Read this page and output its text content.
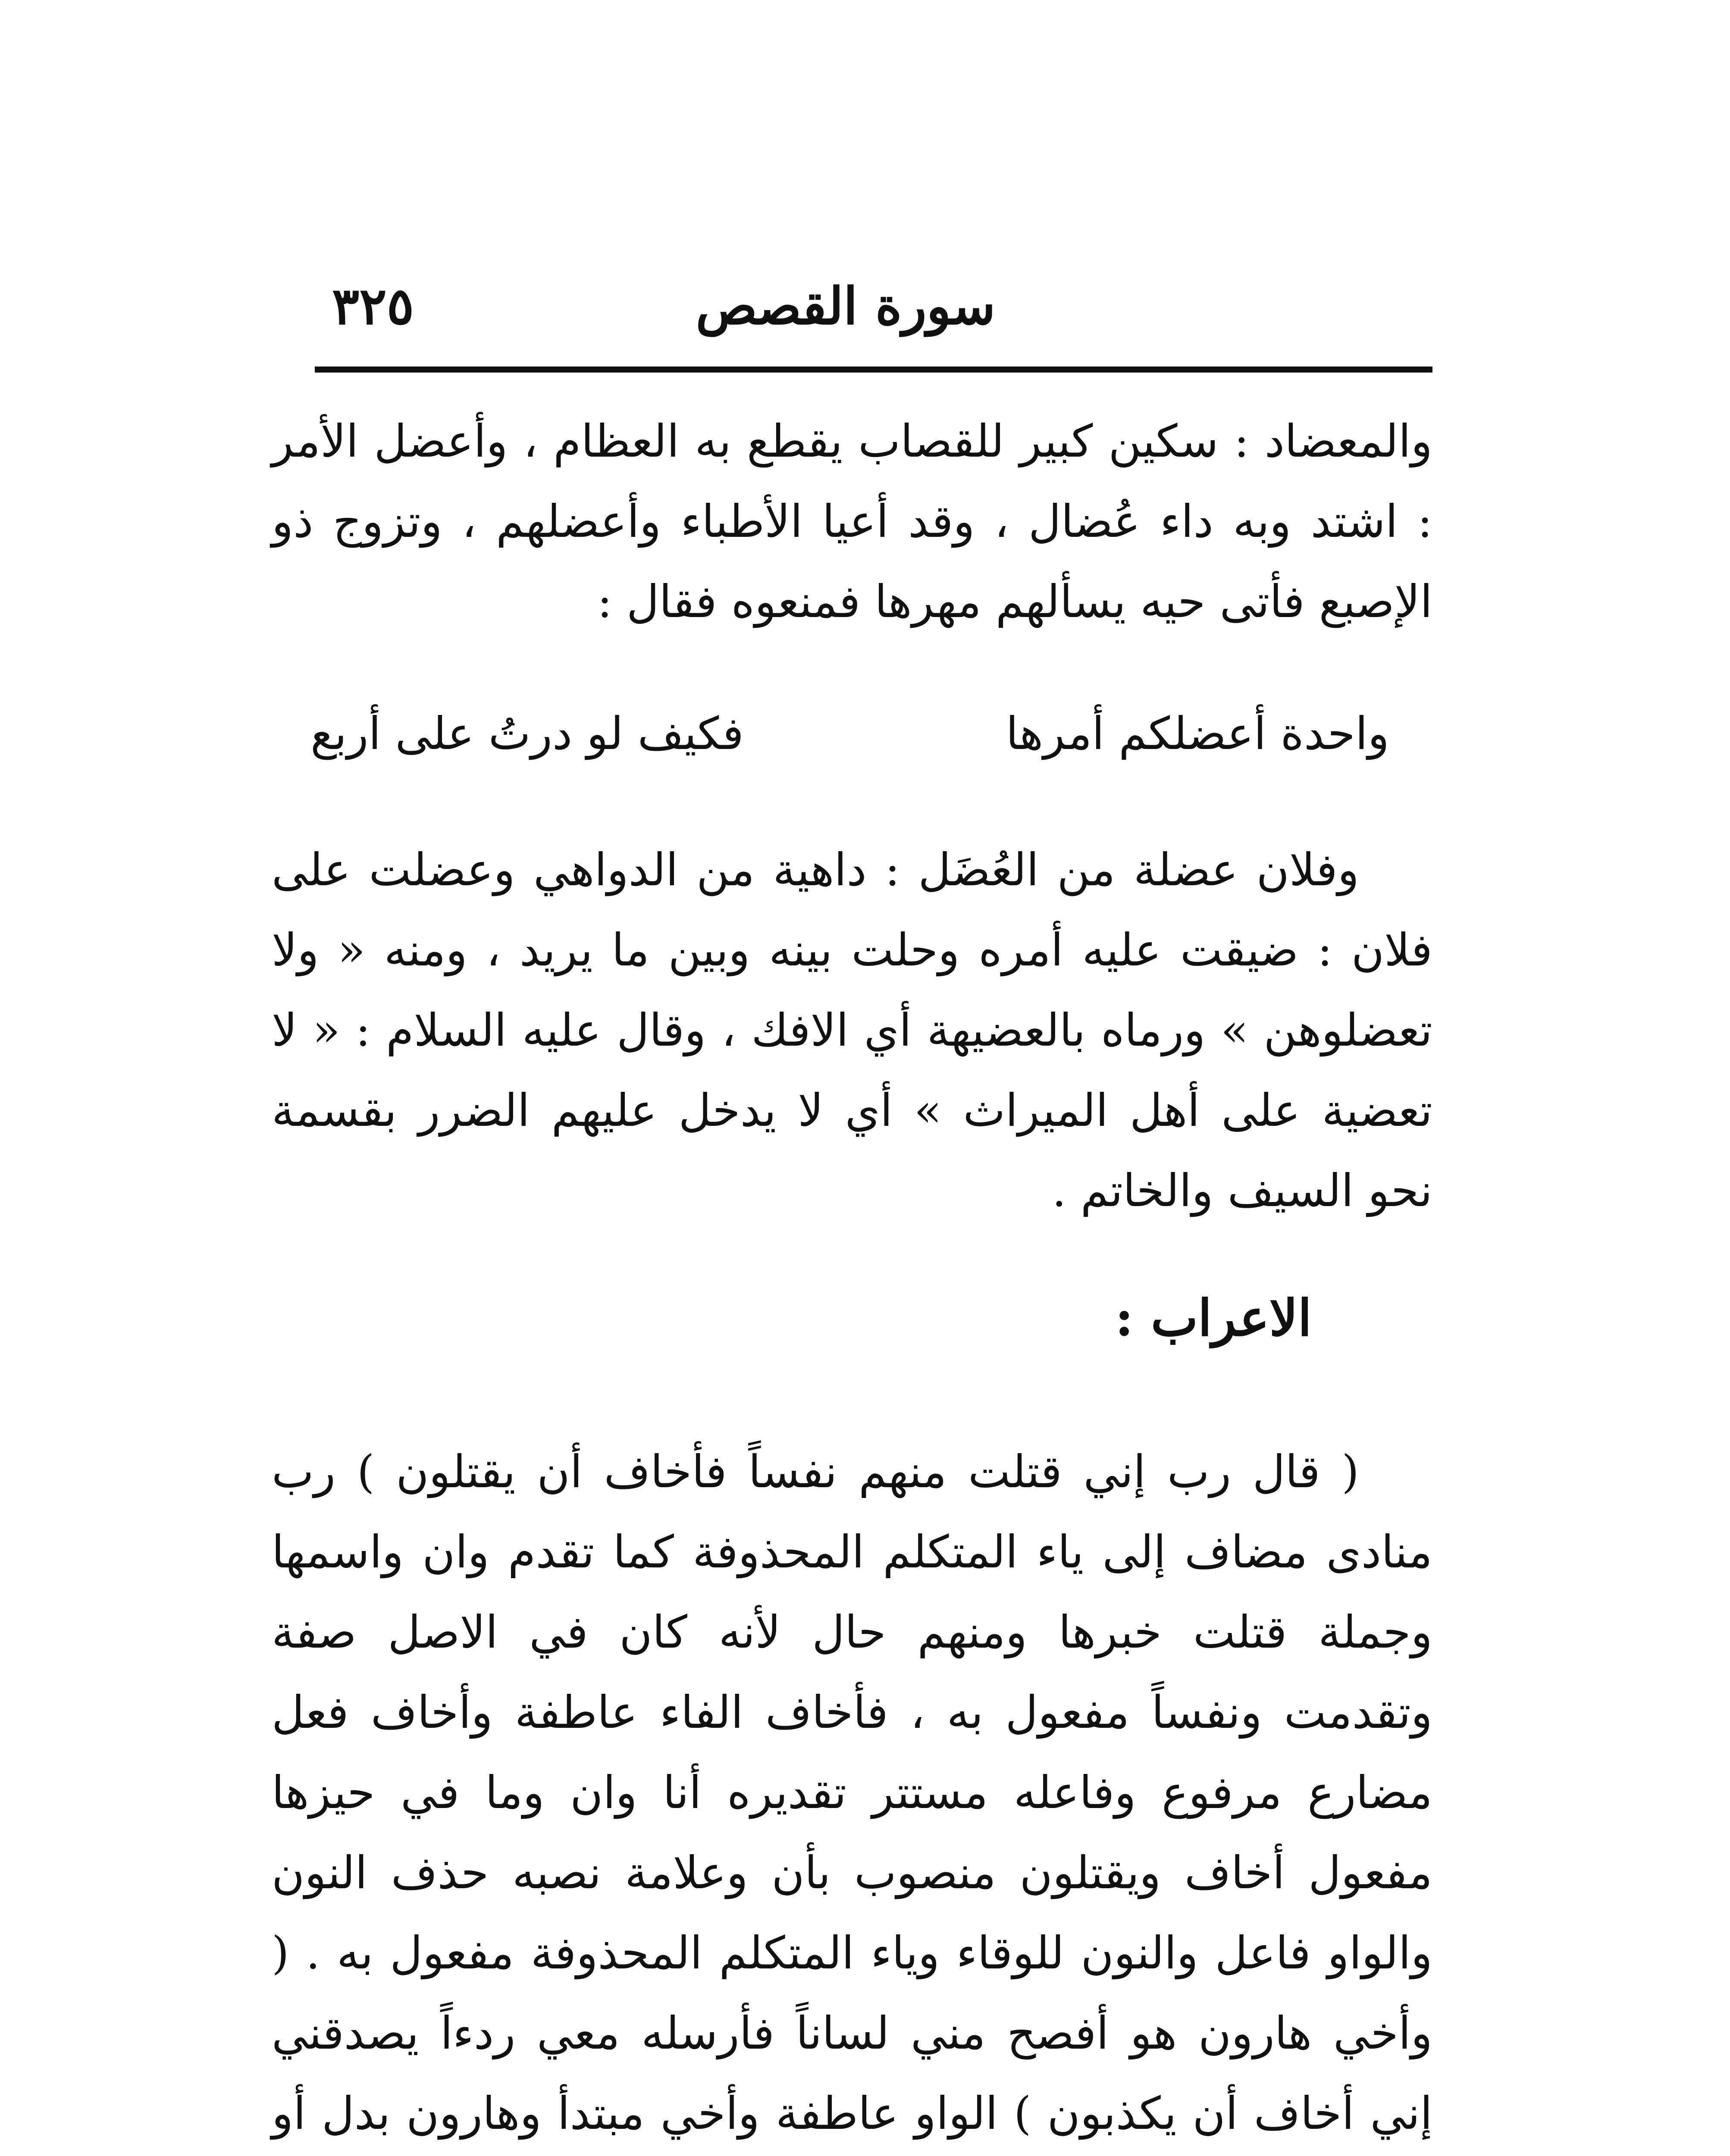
سورة القصص
٣٢٥

والمعضاد : سكين كبير للقصاب يقطع به العظام ، وأعضل الأمر : اشتد وبه داء عُضال ، وقد أعيا الأطباء وأعضلهم ، وتزوج ذو الإصبع فأتى حيه يسألهم مهرها فمنعوه فقال :

واحدة أعضلكم أمرها
فكيف لو درتُ على أربع

وفلان عضلة من العُضَل : داهية من الدواهي وعضلت على فلان : ضيقت عليه أمره وحلت بينه وبين ما يريد ، ومنه « ولا تعضلوهن » ورماه بالعضيهة أي الافك ، وقال عليه السلام : « لا تعضية على أهل الميراث » أي لا يدخل عليهم الضرر بقسمة نحو السيف والخاتم .

الاعراب :

( قال رب إني قتلت منهم نفساً فأخاف أن يقتلون ) رب منادى مضاف إلى ياء المتكلم المحذوفة كما تقدم وان واسمها وجملة قتلت خبرها ومنهم حال لأنه كان في الاصل صفة وتقدمت ونفساً مفعول به ، فأخاف الفاء عاطفة وأخاف فعل مضارع مرفوع وفاعله مستتر تقديره أنا وان وما في حيزها مفعول أخاف ويقتلون منصوب بأن وعلامة نصبه حذف النون والواو فاعل والنون للوقاء وياء المتكلم المحذوفة مفعول به . ( وأخي هارون هو أفصح مني لساناً فأرسله معي ردءاً يصدقني إني أخاف أن يكذبون ) الواو عاطفة وأخي مبتدأ وهارون بدل أو
